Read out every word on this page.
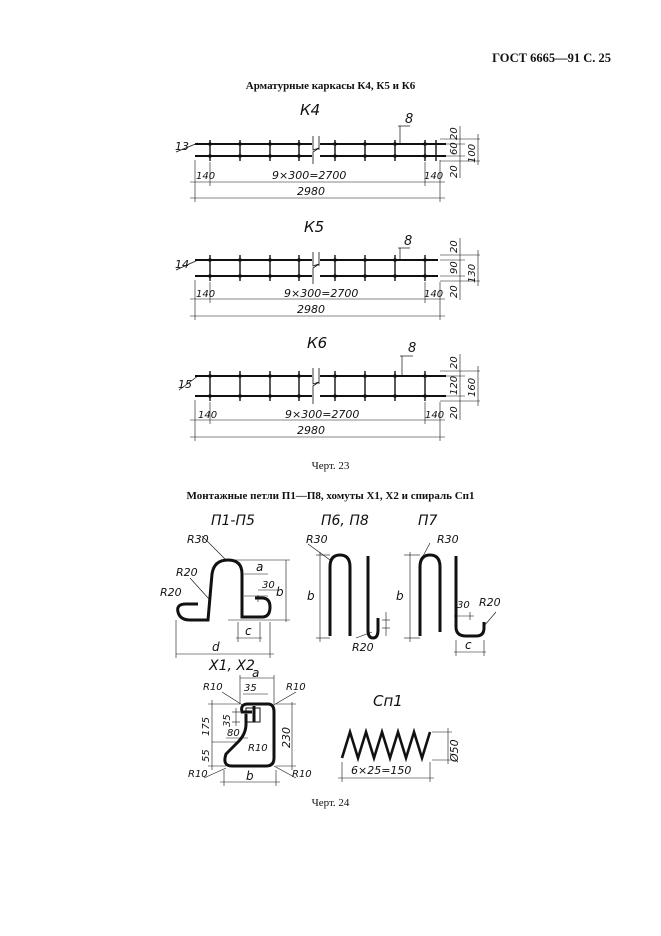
ГОСТ 6665—91 С. 25
Арматурные каркасы К4, К5 и К6
К4
13
8
20
60
20
100
140	9×300=2700	140
2980
К5
14
8	20
90
20
130
140	9×300=2700	140
2980
К6
15
8
20
120
20
160
140	9×300=2700	140
2980
П1-П5
R30
R20
R20
a
b
30
c
d
П6, П8
R30
b
R20
П7
R30
b
30 R20
c
Х1, Х2
a
35
R10	R10
35
175 80
R10
230
55
R10	b	R10
Сп1
Ø50
6×25=150
Черт. 23
Монтажные петли П1—П8, хомуты Х1, Х2 и спираль Сп1
Черт. 24
